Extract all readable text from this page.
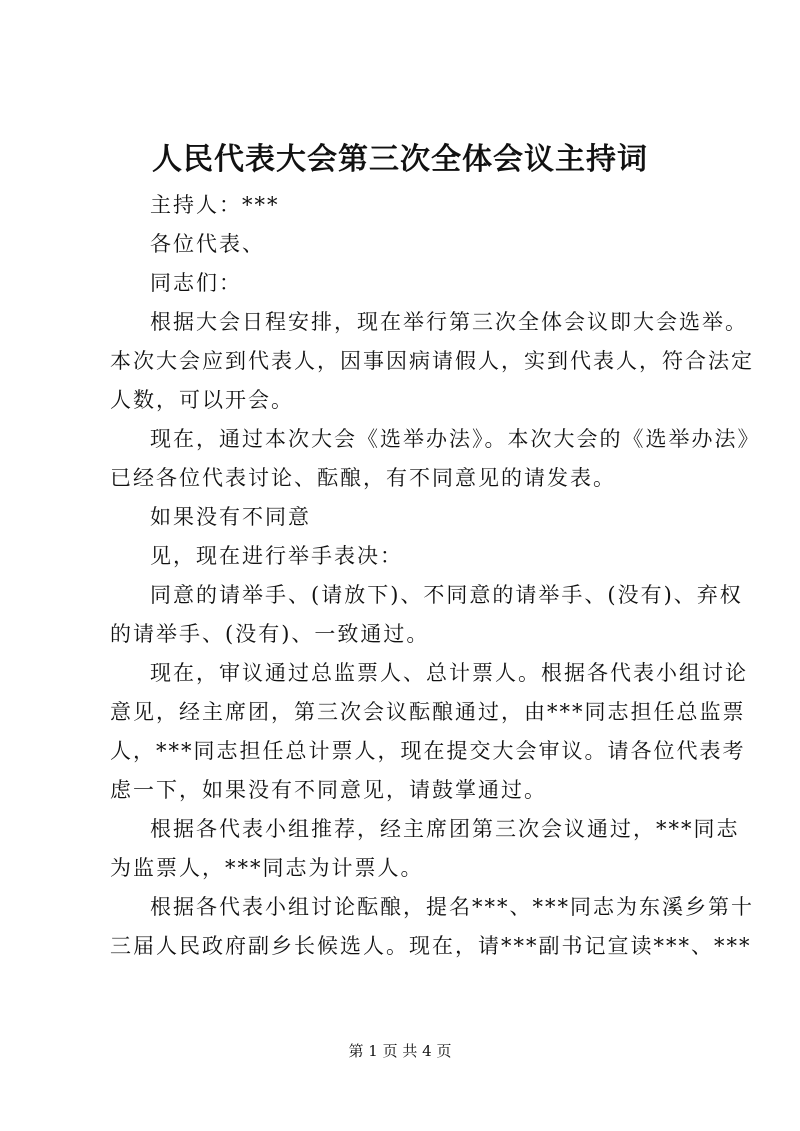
人民代表大会第三次全体会议主持词

主持人：***

各位代表、

同志们：

根据大会日程安排，现在举行第三次全体会议即大会选举。
本次大会应到代表人，因事因病请假人，实到代表人，符合法定
人数，可以开会。

现在，通过本次大会《选举办法》。本次大会的《选举办法》
已经各位代表讨论、酝酿，有不同意见的请发表。

如果没有不同意

见，现在进行举手表决：

同意的请举手、(请放下)、不同意的请举手、(没有)、弃权
的请举手、(没有)、一致通过。

现在，审议通过总监票人、总计票人。根据各代表小组讨论
意见，经主席团，第三次会议酝酿通过，由***同志担任总监票
人，***同志担任总计票人，现在提交大会审议。请各位代表考
虑一下，如果没有不同意见，请鼓掌通过。

根据各代表小组推荐，经主席团第三次会议通过，***同志
为监票人，***同志为计票人。

根据各代表小组讨论酝酿，提名***、***同志为东溪乡第十
三届人民政府副乡长候选人。现在，请***副书记宣读***、***

第 1 页 共 4 页
